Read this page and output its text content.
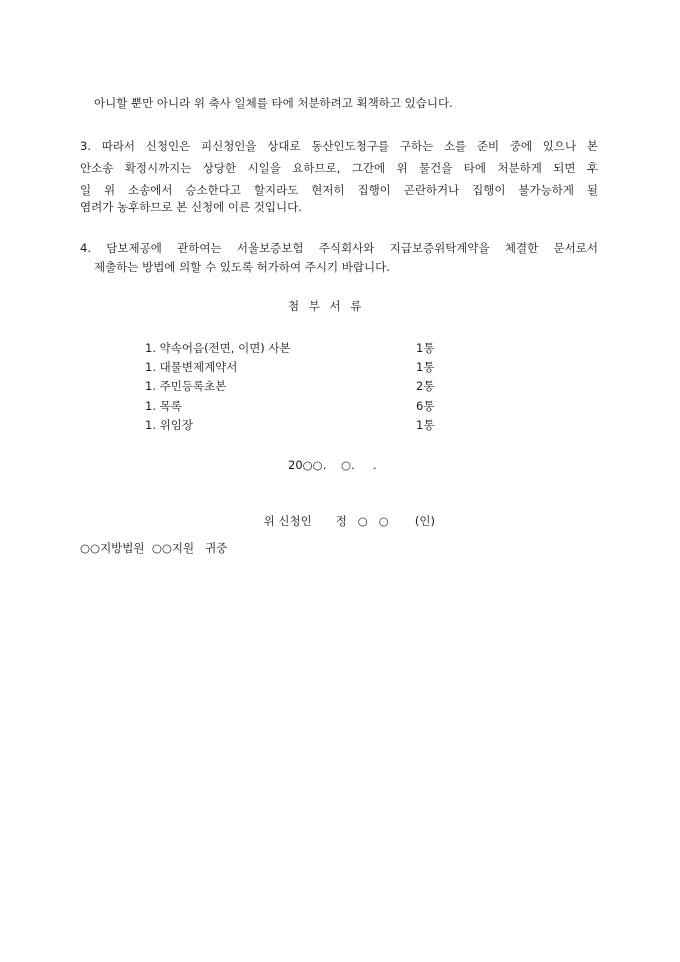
아니할 뿐만 아니라 위 축사 일체를 타에 처분하려고 획책하고 있습니다.
3. 따라서 신청인은 피신청인을 상대로 동산인도청구를 구하는 소를 준비 중에 있으나 본
안소송 확정시까지는 상당한 시일을 요하므로, 그간에 위 물건을 타에 처분하게 되면 후
일 위 소송에서 승소한다고 할지라도 현저히 집행이 곤란하거나 집행이 불가능하게 될
염려가 농후하므로 본 신청에 이른 것입니다.
4. 담보제공에 관하여는 서울보증보험 주식회사와 지급보증위탁계약을 체결한 문서로서
제출하는 방법에 의할 수 있도록 허가하여 주시기 바랍니다.
첨 부 서 류
1. 약속어음(전면, 이면) 사본	1통
1. 대물변제계약서	1통
1. 주민등록초본	2통
1. 목록	6통
1. 위임장	1통
20○○.    ○.     .

위 신청인 정   ○   ○ (인)

○○지방법원  ○○지원   귀중
